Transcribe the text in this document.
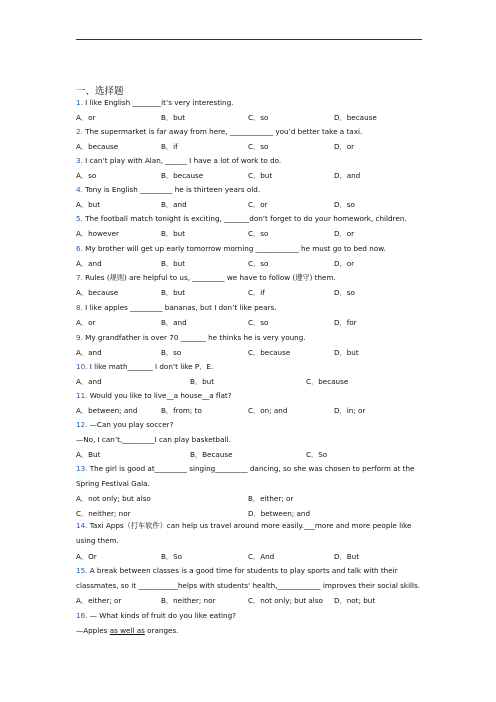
一、选择题
1. I like English ________it’s very interesting.
A．or	B．but	C．so	D．because
2. The supermarket is far away from here, ____________ you’d better take a taxi.
A．because	B．if	C．so	D．or
3. I can’t play with Alan, ______ I have a lot of work to do.
A．so	B．because	C．but	D．and
4. Tony is English _________ he is thirteen years old.
A．but	B．and	C．or	D．so
5. The football match tonight is exciting, _______don’t forget to do your homework, children.
A．however	B．but	C．so	D．or
6. My brother will get up early tomorrow morning ____________ he must go to bed now.
A．and	B．but	C．so	D．or
7. Rules (规则) are helpful to us, _________ we have to follow (遵守) them.
A．because	B．but	C．if	D．so
8. I like apples _________ bananas, but I don’t like pears.
A．or	B．and	C．so	D．for
9. My grandfather is over 70 _______ he thinks he is very young.
A．and	B．so	C．because	D．but
10. I like math_______ I don’t like P．E.
A．and	B．but	C．because
11. Would you like to live__a house__a flat?
A．between; and	B．from; to	C．on; and	D．in; or
12. —Can you play soccer?
—No, I can’t,_________I can play basketball.
A．But	B．Because	C．So
13. The girl is good at_________ singing_________ dancing, so she was chosen to perform at the
Spring Festival Gala.
A．not only; but also	B．either; or
C．neither; nor	D．between; and
14. Taxi Apps（打车软件）can help us travel around more easily.___more and more people like
using them.
A．Or	B．So	C．And	D．But
15. A break between classes is a good time for students to play sports and talk with their
classmates, so it ___________helps with students' health,____________ improves their social skills.
A．either; or	B．neither; nor	C．not only; but also D．not; but
16. — What kinds of fruit do you like eating?
—Apples as well as oranges.
